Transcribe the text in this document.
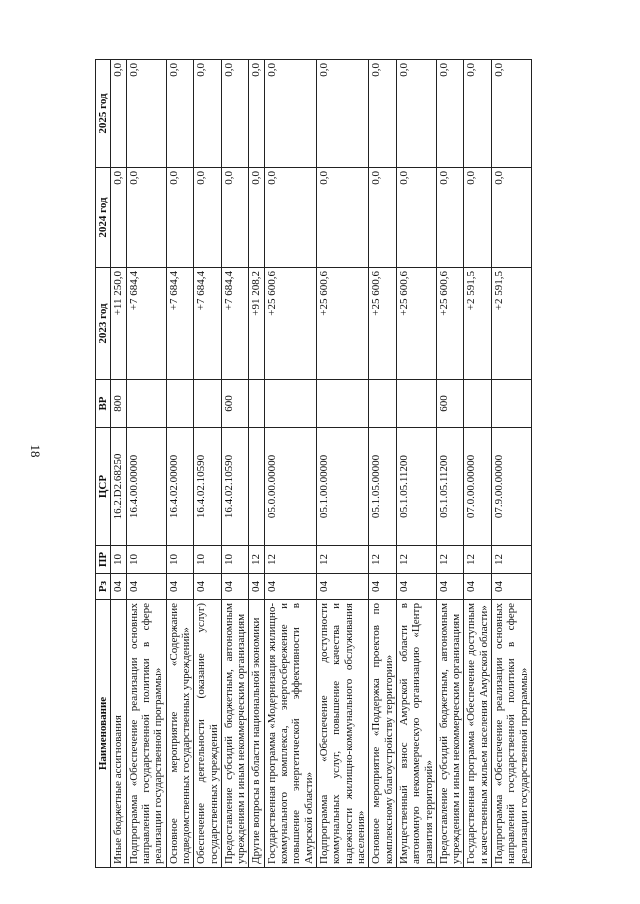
18
Наименование	Рз	ПР	ЦСР	ВР	2023 год	2024 год	2025 год
Иные бюджетные ассигнования	04	10	16.2.D2.68250	800	+11 250,0	0,0	0,0
Подпрограмма «Обеспечение реализации основных направлений государственной политики в сфере реализации государственной программы»	04	10	16.4.00.00000		+7 684,4	0,0	0,0
Основное мероприятие «Содержание подведомственных государственных учреждений»	04	10	16.4.02.00000		+7 684,4	0,0	0,0
Обеспечение деятельности (оказание услуг) государственных учреждений	04	10	16.4.02.10590		+7 684,4	0,0	0,0
Предоставление субсидий бюджетным, автономным учреждениям и иным некоммерческим организациям	04	10	16.4.02.10590	600	+7 684,4	0,0	0,0
Другие вопросы в области национальной экономики	04	12			+91 208,2	0,0	0,0
Государственная программа «Модернизация жилищно-коммунального комплекса, энергосбережение и повышение энергетической эффективности в Амурской области»	04	12	05.0.00.00000		+25 600,6	0,0	0,0
Подпрограмма «Обеспечение доступности коммунальных услуг, повышение качества и надежности жилищно-коммунального обслуживания населения»	04	12	05.1.00.00000		+25 600,6	0,0	0,0
Основное мероприятие «Поддержка проектов по комплексному благоустройству территории»	04	12	05.1.05.00000		+25 600,6	0,0	0,0
Имущественный взнос Амурской области в автономную некоммерческую организацию «Центр развития территорий»	04	12	05.1.05.11200		+25 600,6	0,0	0,0
Предоставление субсидий бюджетным, автономным учреждениям и иным некоммерческим организациям	04	12	05.1.05.11200	600	+25 600,6	0,0	0,0
Государственная программа «Обеспечение доступным и качественным жильем населения Амурской области»	04	12	07.0.00.00000		+2 591,5	0,0	0,0
Подпрограмма «Обеспечение реализации основных направлений государственной политики в сфере реализации государственной программы»	04	12	07.9.00.00000		+2 591,5	0,0	0,0
